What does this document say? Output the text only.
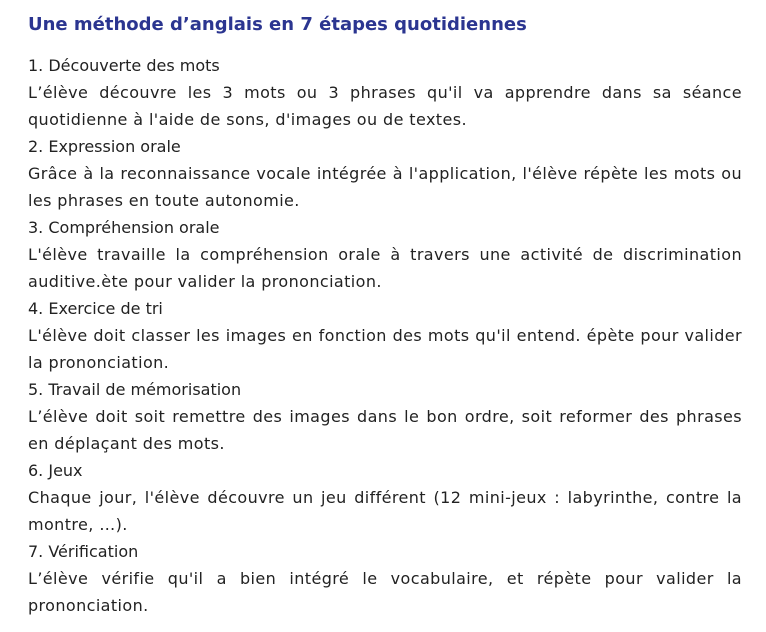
Une méthode d’anglais en 7 étapes quotidiennes

1. Découverte des mots

L’élève découvre les 3 mots ou 3 phrases qu'il va apprendre dans sa séance quotidienne à l'aide de sons, d'images ou de textes.

2. Expression orale

Grâce à la reconnaissance vocale intégrée à l'application, l'élève répète les mots ou les phrases en toute autonomie.

3. Compréhension orale

L'élève travaille la compréhension orale à travers une activité de discrimination auditive.ète pour valider la prononciation.

4. Exercice de tri

L'élève doit classer les images en fonction des mots qu'il entend. épète pour valider la prononciation.

5. Travail de mémorisation

L’élève doit soit remettre des images dans le bon ordre, soit reformer des phrases en déplaçant des mots.

6. Jeux

Chaque jour, l'élève découvre un jeu différent (12 mini-jeux : labyrinthe, contre la montre, …).

7. Vérification

L’élève vérifie qu'il a bien intégré le vocabulaire, et répète pour valider la prononciation.
